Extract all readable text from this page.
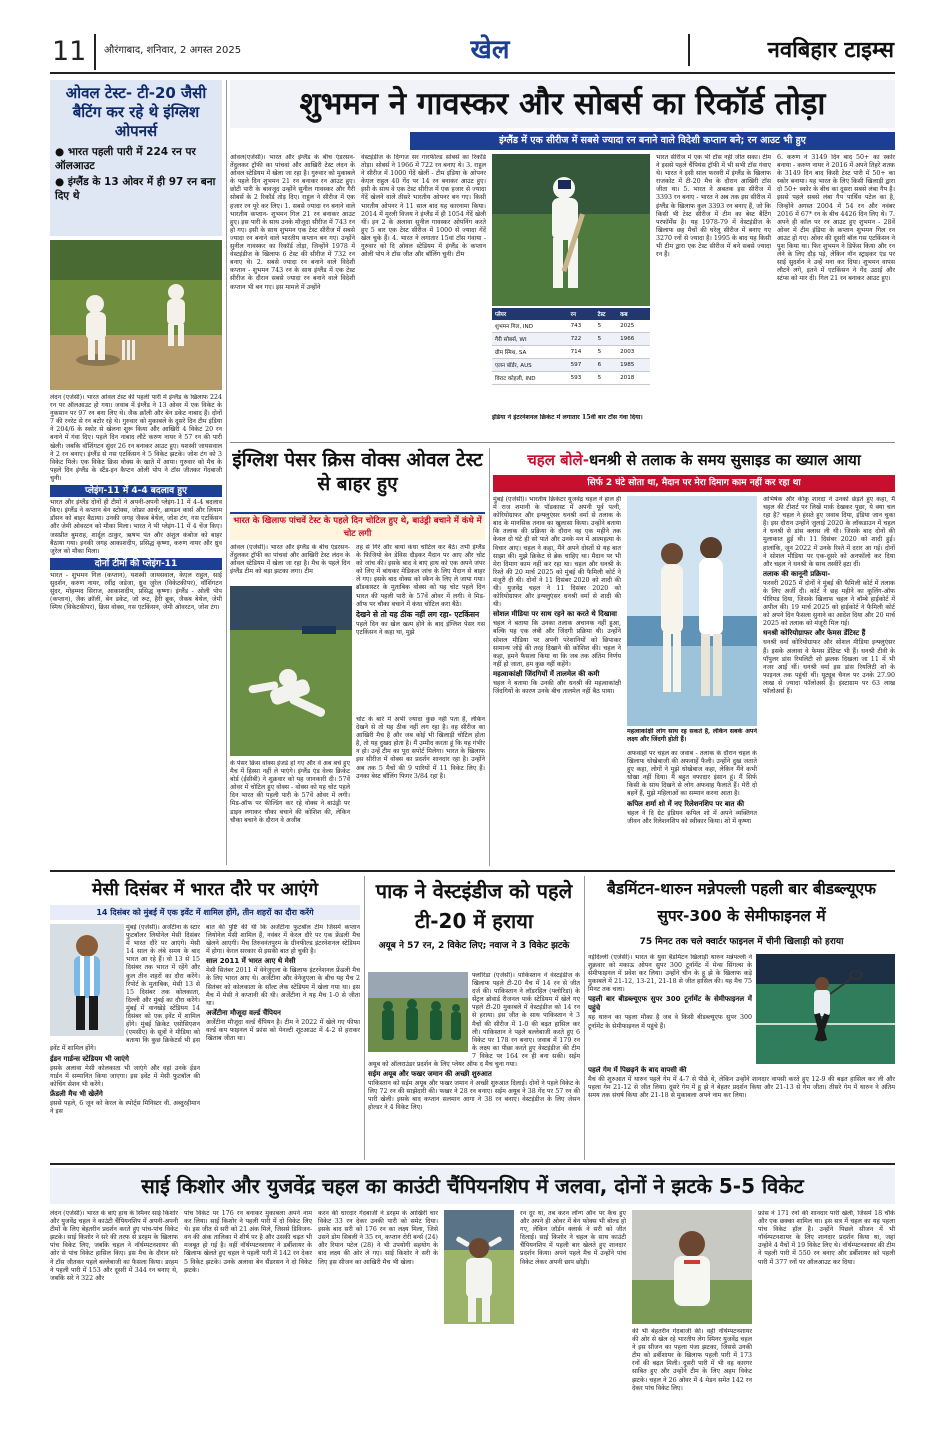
11	औरंगाबाद, शनिवार, 2 अगस्त 2025	खेल	नवबिहार टाइम्स
ओवल टेस्ट- टी-20 जैसी बैटिंग कर रहे थे इंग्लिश ओपनर्स
● भारत पहली पारी में 224 रन पर ऑलआउट
● इंग्लैंड के 13 ओवर में ही 97 रन बना दिए थे

लंदन (एजेंसी)। भारत ओवल टेस्ट की पहली पारी में इंग्लैंड के खिलाफ 224 रन पर ऑलआउट हो गया। जवाब में इंग्लैंड ने 13 ओवर में एक विकेट के नुकसान पर 97 रन बना लिए थे। जैक क्रॉली और बेन डकेट नाबाद हैं। दोनों 7 की रनरेट से रन बटोर रहे थे। गुरुवार को मुकाबले के दूसरे दिन टीम इंडिया ने 204/6 के स्कोर से खेलना शुरू किया और आखिरी 4 विकेट 20 रन बनाने में गंवा दिए। पहले दिन नाबाद लौटे करुण नायर ने 57 रन की पारी खेली। जबकि वॉशिंगटन सुंदर 26 रन बनाकर आउट हुए। यशस्वी जायसवाल ने 2 रन बनाए। इंग्लैंड से गस एटकिंसन ने 5 विकेट झटके। जोश टंग को 3 विकेट मिले। एक विकेट क्रिस वोक्स के खाते में आया। गुरुवार को मैच के पहले दिन इंग्लैंड के स्टैंड-इन कैप्टन ओली पोप ने टॉस जीतकर गेंदबाजी चुनी।

प्लेइंग-11 में 4-4 बदलाव हुए

भारत और इंग्लैंड दोनों ही टीमों ने अपनी-अपनी प्लेइंग-11 में 4-4 बदलाव किए। इंग्लैंड ने कप्तान बेन स्टोक्स, जोफ्रा आर्चर, ब्रायडन कार्स और लियाम डॉसन को बाहर बैठाया। उनकी जगह जैकब बेथेल, जोश टंग, गस एटकिंसन और जेमी ओवरटन को मौका मिला। भारत ने भी प्लेइंग-11 में 4 चेंज किए। जसप्रीत बुमराह, शार्दूल ठाकुर, ऋषभ पंत और अंशुल कंबोज को बाहर बैठाया गया। इनकी जगह आकाशदीप, प्रसिद्ध कृष्णा, करुण नायर और ध्रुव जुरेल को मौका मिला।

दोनों टीमों की प्लेइंग-11

भारत - शुभमन गिल (कप्तान), यशस्वी जायसवाल, केएल राहुल, साई सुदर्शन, करुण नायर, रवींद्र जडेजा, ध्रुव जुरेल (विकेटकीपर), वॉशिंगटन सुंदर, मोहम्मद सिराज, आकाशदीप, प्रसिद्ध कृष्णा। इंग्लैंड - ओली पोप (कप्तान), जैक क्रॉली, बेन डकेट, जो रूट, हैरी ब्रूक, जैकब बेथेल, जेमी स्मिथ (विकेटकीपर), क्रिस वोक्स, गस एटकिंसन, जेमी ओवरटन, जोश टंग।

शुभमन ने गावस्कर और सोबर्स का रिकॉर्ड तोड़ा
इंग्लैंड में एक सीरीज में सबसे ज्यादा रन बनाने वाले विदेशी कप्तान बने; रन आउट भी हुए
ओवल(एजेंसी)। भारत और इंग्लैंड के बीच एंडरसन-तेंदुलकर ट्रॉफी का पांचवां और आखिरी टेस्ट लंदन के ओवल स्टेडियम में खेला जा रहा है। गुरुवार को मुकाबले के पहले दिन शुभमन 21 रन बनाकर रन आउट हुए। छोटी पारी के बावजूद उन्होंने सुनील गावस्कर और गैरी सोबर्स के 2 रिकॉर्ड तोड़ दिए। राहुल ने सीरीज में एक हजार रन पूरे कर लिए। 1. सबसे ज्यादा रन बनाने वाले भारतीय कप्तान- शुभमन गिल 21 रन बनाकर आउट हुए। इस पारी के साथ उनके मौजूदा सीरीज में 743 रन हो गए। इसी के साथ शुभमन एक टेस्ट सीरीज में सबसे ज्यादा रन बनाने वाले भारतीय कप्तान बन गए। उन्होंने सुनील गावस्कर का रिकॉर्ड तोड़ा, जिन्होंने 1978 में वेस्टइंडीज के खिलाफ 6 टेस्ट की सीरीज में 732 रन बनाए थे। 2. सबसे ज्यादा रन बनाने वाले विदेशी कप्तान - शुभमन 743 रन के साथ इंग्लैंड में एक टेस्ट सीरीज के दौरान सबसे ज्यादा रन बनाने वाले विदेशी कप्तान भी बन गए। इस मामले में उन्होंने
वेस्टइंडीज के दिग्गज सर गारफील्ड सोबर्स का रिकॉर्ड तोड़ा। सोबर्स ने 1966 में 722 रन बनाए थे। 3. राहुल ने सीरीज में 1000 गेंदें खेलीं - टीम इंडिया के ओपनर केएल राहुल 40 गेंद पर 14 रन बनाकर आउट हुए। इसी के साथ वे एक टेस्ट सीरीज में एक हजार से ज्यादा गेंदें खेलने वाले तीसरे भारतीय ओपनर बन गए। किसी भारतीय ओपनर ने 11 साल बाद यह कारनामा किया। 2014 में मुरली विजय ने इंग्लैंड में ही 1054 गेंदें खेली थीं। इन 2 के अलावा सुनील गावस्कर ओपनिंग करते हुए 5 बार एक टेस्ट सीरीज में 1000 से ज्यादा गेंदें खेल चुके हैं। 4. भारत ने लगातार 15वां टॉस गंवाया - गुरुवार को दि ओवल स्टेडियम में इंग्लैंड के कप्तान ओली पोप ने टॉस जीत और बॉलिंग चुनी। टीम
प्लेयर	रन	टेस्ट	कब
शुभमन गिल, IND	743	5	2025
गैरी सोबर्स, WI	722	5	1966
ग्रीम स्मिथ, SA	714	5	2003
एलन बॉर्डर, AUS	597	6	1985
विराट कोहली, IND	593	5	2018
इंडिया ने इंटरनेशनल क्रिकेट में लगातार 15वीं बार टॉस गंवा दिया।
भारत सीरीज में एक भी टॉस नहीं जीत सका। टीम ने इससे पहले चैंपियंस ट्रॉफी में भी सभी टॉस गंवाए थे। भारत ने इसी साल फरवरी में इंग्लैंड के खिलाफ राजकोट में टी-20 मैच के दौरान आखिरी टॉस जीता था। 5. भारत ने अबतक इस सीरीज में 3393 रन बनाए - भारत ने अब तक इस सीरीज में इंग्लैंड के खिलाफ कुल 3393 रन बनाए हैं, जो कि किसी भी टेस्ट सीरीज में टीम का बेस्ट बैटिंग परफॉर्मेंस है। यह 1978-79 में वेस्टइंडीज के खिलाफ छह मैचों की घरेलू सीरीज में बनाए गए 3270 रनों से ज्यादा है। 1995 के बाद यह किसी भी टीम द्वारा एक टेस्ट सीरीज में बने सबसे ज्यादा रन हैं।
6. करुण ने 3149 दिन बाद 50+ का स्कोर बनाया - करुण नायर ने 2016 में अपने तिहरे शतक के 3149 दिन बाद किसी टेस्ट पारी में 50+ का स्कोर बनाया। यह भारत के लिए किसी खिलाड़ी द्वारा दो 50+ स्कोर के बीच का दूसरा सबसे लंबा गैप है। इससे पहले सबसे लंबा गैप पार्थिव पटेल का है, जिन्होंने अगस्त 2004 में 54 रन और नवंबर 2016 में 67* रन के बीच 4426 दिन लिए थे। 7. अपने ही कॉल पर रन आउट हुए शुभमन - 28वें ओवर में टीम इंडिया के कप्तान शुभमन गिल रन आउट हो गए। ओवर की दूसरी बॉल गस एटकिंसन ने पुश किया था। फिर शुभमन ने डिफेंस किया और रन लेने के लिए दौड़ पड़े, लेकिन नॉन स्ट्राइकर एंड पर साई सुदर्शन ने उन्हें मना कर दिया। शुभमन वापस लौटने लगे, इतने में एटकिंसन ने गेंद उठाई और स्टंप्स को मार दी। गिल 21 रन बनाकर आउट हुए।
इंग्लिश पेसर क्रिस वोक्स ओवल टेस्ट से बाहर हुए
भारत के खिलाफ पांचवें टेस्ट के पहले दिन चोटिल हुए थे, बाउंड्री बचाने में कंधे में चोट लगी
ओवल (एजेंसी)। भारत और इंग्लैंड के बीच एंडरसन-तेंदुलकर ट्रॉफी का पांचवां और आखिरी टेस्ट लंदन के ओवल स्टेडियम में खेला जा रहा है। मैच के पहले दिन इंग्लैंड टीम को बड़ा झटका लगा। टीम

तह से गिरे और बायां कंधा चोटिल कर बैठे। तभी इंग्लैंड के फिजियो बेन डेविस दौड़कर मैदान पर आए और चोट को जांच की। इसके बाद वे बाएं हाथ को एक अपने जंपर को लिए में बांधकर मेडिकल जांच के लिए मैदान से बाहर ले गए। इसके बाद वोक्स को स्कैन के लिए ले जाया गया। ब्रॉडकास्टर के मुताबिक वोक्स को यह चोट पहले दिन भारत की पहली पारी के 57वें ओवर में लगी। वे मिड-ऑफ पर चौका बचाने में कंधा चोटिल करा बैठे।

देखने से तो यह ठीक नहीं लग रहा- एटकिंसन

पहले दिन का खेल खत्म होने के बाद इंग्लिश पेसर गस एटकिंसन ने कहा था, मुझे

के पेसर क्रिस वोक्स इंजर्ड हो गए और वे अब बचे हुए मैच में हिस्सा नहीं ले पाएंगे। इंग्लैंड एंड वेल्स क्रिकेट बोर्ड (ईसीबी) ने शुक्रवार को यह जानकारी दी। 57वें ओवर में चोटिल हुए वोक्स - वोक्स को यह चोट पहले दिन भारत की पहली पारी के 57वें ओवर में लगी। मिड-ऑफ पर फील्डिंग कर रहे वोक्स ने बाउंड्री पर डाइव लगाकर चौका बचाने की कोशिश की, लेकिन चौका बचाने के दौरान वे अजीब
चोट के बारे में अभी ज्यादा कुछ नहीं पता है, लेकिन देखने से तो यह ठीक नहीं लग रहा है। वह सीरीज का आखिरी मैच है और जब कोई भी खिलाड़ी चोटिल होता है, तो यह दुखद होता है। मैं उम्मीद करता हूं कि यह गंभीर न हो। उन्हें टीम का पूरा सपोर्ट मिलेगा। भारत के खिलाफ इस सीरीज में वोक्स का प्रदर्शन शानदार रहा है। उन्होंने अब तक 5 मैचों की 9 पारियों में 11 विकेट लिए हैं। उनका बेस्ट बॉलिंग फिगर 3/84 रहा है।
चहल बोले-धनश्री से तलाक के समय सुसाइड का ख्याल आया
सिर्फ 2 घंटे सोता था, मैदान पर मेरा दिमाग काम नहीं कर रहा था

मुंबई (एजेंसी)। भारतीय क्रिकेटर युजवेंद्र चहल ने हाल ही में राज शमानी के पॉडकास्ट में अपनी पूर्व पत्नी, कोरियोग्राफर और इन्फ्लुएंसर धनश्री वर्मा से तलाक के बाद के मानसिक तनाव का खुलासा किया। उन्होंने बताया कि तलाक की प्रक्रिया के दौरान वह एक महीने तक केवल दो घंटे ही सो पाते और उनके मन में आत्महत्या के विचार आए। चहल ने कहा, मैंने अपने दोस्तों से यह बात साझा की। मुझे क्रिकेट से ब्रेक चाहिए था। मैदान पर भी मेरा दिमाग काम नहीं कर रहा था। चहल और धनश्री के रिश्ते की 20 मार्च 2025 को मुंबई की फैमिली कोर्ट ने मंजूरी दी थी। दोनों ने 11 दिसंबर 2020 को शादी की थी। युजवेंद्र चहल ने 11 दिसंबर 2020 को कोरियोग्राफर और इन्फ्लुएंसर धनश्री वर्मा से शादी की थी।

सोशल मीडिया पर साथ रहने का करते थे दिखावा

चहल ने बताया कि उनका तलाक अचानक नहीं हुआ, बल्कि यह एक लंबी और जिंदगी प्रक्रिया थी। उन्होंने सोशल मीडिया पर अपनी परेशानियों को छिपाकर सामान्य जोड़े की तरह दिखाने की कोशिश की। चहल ने कहा, हमने फैसला किया था कि जब तक अंतिम निर्णय नहीं हो जाता, हम कुछ नहीं कहेंगे।

महत्वाकांक्षी जिंदगियों में तालमेल की कमी

चहल ने बताया कि उनकी और धनश्री की महत्वाकांक्षी जिंदगियों के कारण उनके बीच तालमेल नहीं बैठ पाया।

महत्वाकांक्षी लोग साथ रह सकते हैं, लेकिन सबके अपने लक्ष्य और जिंदगी होती हैं।

अफवाहों पर चहल का जवाब - तलाक के दौरान चहल के खिलाफ धोखेबाजी की अफवाहें फैली। उन्होंने दुख जताते हुए कहा, लोगों ने मुझे धोखेबाज कहा, लेकिन मैंने कभी धोखा नहीं दिया। मैं बहुत वफादार इंसान हूं। मैं सिर्फ किसी के साथ दिखने से लोग अफवाह फैलाते हैं। मेरी दो बहनें हैं, मुझे महिलाओं का सम्मान करना आता है।

कपिल शर्मा शो में नए रिलेशनशिप पर बात की

चहल ने दि ग्रेट इंडियन कपिल शो में अपने व्यक्तिगत जीवन और रिलेशनशिप को स्वीकार किया। शो में कृष्णा

अभिषेक और कीकू शारदा ने उनको छेड़ते हुए कहा, मैं चहल की टीशर्ट पर लिखें मार्क देखकर पूछा, ये क्या चल रहा है? चहल ने हंसते हुए जवाब दिया, इंडिया जान चुका है। इस दौरान उन्होंने जुलाई 2020 के लॉकडाउन में चहल ने धनश्री से डांस क्लास ली थी। जिसके बाद दोनों की मुलाकात हुई थी। 11 दिसंबर 2020 को शादी हुई। हालांकि, जून 2022 में उनके रिश्ते में दरार आ गई। दोनों ने सोशल मीडिया पर एक-दूसरे को अनफॉलो कर दिया और चहल ने धनश्री के साथ तस्वीरें हटा दीं।

तलाक की कानूनी प्रक्रिया-

फरवरी 2025 में दोनों ने मुंबई की फैमिली कोर्ट में तलाक के लिए अर्जी दी। कोर्ट ने छह महीने का कूलिंग-ऑफ पीरियड दिया, जिसके खिलाफ चहल ने बॉम्बे हाईकोर्ट में अपील की। 19 मार्च 2025 को हाईकोर्ट ने फैमिली कोर्ट को अपने दिन फैसला सुनाने का आदेश दिया और 20 मार्च 2025 को तलाक को मंजूरी मिल गई।

धनश्री कोरियोग्राफर और फेमस डेंटिस्ट हैं

धनश्री वर्मा कोरियोग्राफर और सोशल मीडिया इन्फ्लुएंसर हैं। इसके अलावा वे फेमस डेंटिस्ट भी हैं। धनश्री टीवी के पॉपुलर डांस रियलिटी शो झलक दिखला जा 11 में भी नजर आईं थीं। धनश्री वर्मा इस डांस रियलिटी शो के फाइनल तक पहुंची थीं। यूट्यूब चैनल पर उनके 27.90 लाख से ज्यादा फॉलोअर्स हैं। इंस्टाग्राम पर 63 लाख फॉलोअर्स हैं।

मेसी दिसंबर में भारत दौरे पर आएंगे
14 दिसंबर को मुंबई में एक इवेंट में शामिल होंगे, तीन शहरों का दौरा करेंगे

मुंबई (एजेंसी)। अर्जेंटीना के स्टार फुटबॉलर लियोनेल मेसी दिसंबर में भारत दौरे पर आएंगे। मेसी 14 साल के लंबे समय के बाद भारत आ रहे हैं। वो 13 से 15 दिसंबर तक भारत में रहेंगे और कुल तीन शहरों का दौरा करेंगे। रिपोर्ट के मुताबिक, मेसी 13 से 15 दिसंबर तक कोलकाता, दिल्ली और मुंबई का दौरा करेंगे। मुंबई में वानखेड़े स्टेडियम 14 दिसंबर को एक इवेंट में शामिल होंगे। मुंबई क्रिकेट एसोसिएशन (एमसीए) के सूत्रों ने मीडिया को बताया कि कुछ क्रिकेटर्स भी इस इवेंट में शामिल होंगे।

ईडन गार्डन्स स्टेडियम भी जाएंगे

इसके अलावा मेसी कोलकाता भी जाएंगे और वहां उनके ईडन गार्डन में सम्मानित किया जाएगा। इस इवेंट में मेसी फुटबॉल की कोचिंग सेशन भी करेंगे।

फ्रेंडली मैच भी खेलेंगे

इससे पहले, 6 जून को केरल के स्पोर्ट्स मिनिस्टर वी. अब्दुरहीमान ने इस

बात की पुष्टि की थी कि अर्जेंटीना फुटबॉल टीम जिसमें कप्तान लियोनेल मेसी शामिल हैं, नवंबर में केरल दौरे पर एक फ्रेंडली मैच खेलने आएगी। मैच तिरुवनंतपुरम के ग्रीनफील्ड इंटरनेशनल स्टेडियम में होगा। केरल सरकार से इसकी बात हो चुकी है।

साल 2011 में भारत आए थे मेसी

मेसी सितंबर 2011 में वेनेजुएला के खिलाफ इंटरनेशनल फ्रेंडली मैच के लिए भारत आए थे। अर्जेंटीना और वेनेजुएला के बीच यह मैच 2 सितंबर को कोलकाता के सॉल्ट लेक स्टेडियम में खेला गया था। इस मैच में मेसी ने कप्तानी की थी। अर्जेंटीना ने यह मैच 1-0 से जीता था।

अर्जेंटीना मौजूदा वर्ल्ड चैंपियन

अर्जेंटीना मौजूदा वर्ल्ड चैंपियन है। टीम ने 2022 में खेले गए फीफा वर्ल्ड कप फाइनल में फ्रांस को पेनल्टी शूटआउट में 4-2 से हराकर खिताब जीता था।

पाक ने वेस्टइंडीज को पहले टी-20 में हराया
अयूब ने 57 रन, 2 विकेट लिए; नवाज ने 3 विकेट झटके

फ्लोरिडा (एजेंसी)। पाकिस्तान ने वेस्टइंडीज के खिलाफ पहले टी-20 मैच में 14 रन से जीत दर्ज की। पाकिस्तान ने लॉडरहिल (फ्लोरिडा) के सेंट्रल ब्रोवार्ड रीजनल पार्क स्टेडियम में खेले गए पहले टी-20 मुकाबले में वेस्टइंडीज को 14 रन से हराया। इस जीत के साथ पाकिस्तान ने 3 मैचों की सीरीज में 1-0 की बढ़त हासिल कर ली। पाकिस्तान ने पहले बल्लेबाजी करते हुए 6 विकेट पर 178 रन बनाए। जवाब में 179 रन के लक्ष्य का पीछा करते हुए वेस्टइंडीज की टीम 7 विकेट पर 164 रन ही बना सकी। सईम अयूब को ऑलराउंडर प्रदर्शन के लिए प्लेयर ऑफ द मैच चुना गया।

सईम अयूब और फखर जमान की अच्छी शुरुआत

पाकिस्तान को सईम अयूब और फखर जमान ने अच्छी शुरुआत दिलाई। दोनों ने पहले विकेट के लिए 72 रन की साझेदारी की। फखर ने 28 रन बनाए। सईम अयूब ने 38 गेंद पर 57 रन की पारी खेली। इसके बाद कप्तान सलमान आगा ने 38 रन बनाए। वेस्टइंडीज के लिए जेसन होल्डर ने 4 विकेट लिए।

बैडमिंटन-थारुन मन्नेपल्ली पहली बार बीडब्ल्यूएफ सुपर-300 के सेमीफाइनल में
75 मिनट तक चले क्वार्टर फाइनल में चीनी खिलाड़ी को हराया

नईदिल्ली (एजेंसी)। भारत के युवा बैडमिंटन खिलाड़ी थारुन मन्नेपल्ली ने शुक्रवार को मकाऊ ओपन सुपर 300 टूर्नामेंट में मेन्स सिंगल्स के सेमीफाइनल में प्रवेश कर लिया। उन्होंने चीन के हू झे के खिलाफ कड़े मुकाबले में 21-12, 13-21, 21-18 से जीत हासिल की। यह मैच 75 मिनट तक चला।

पहली बार बीडब्ल्यूएफ सुपर 300 टूर्नामेंट के सेमीफाइनल में पहुंचे

यह थारुन का पहला मौका है जब वे किसी बीडब्ल्यूएफ सुपर 300 टूर्नामेंट के सेमीफाइनल में पहुंचे हैं।

पहले गेम में पिछड़ने के बाद वापसी की

मैच की शुरुआत में थारुन पहले गेम में 4-7 से पीछे थे, लेकिन उन्होंने शानदार वापसी करते हुए 12-9 की बढ़त हासिल कर ली और पहला गेम 21-12 से जीत लिया। दूसरे गेम में हू झे ने बेहतर प्रदर्शन किया और 21-13 से गेम जीता। तीसरे गेम में थारुन ने अंतिम समय तक संघर्ष किया और 21-18 से मुकाबला अपने नाम कर लिया।

साई किशोर और युजवेंद्र चहल का काउंटी चैंपियनशिप में जलवा, दोनों ने झटके 5-5 विकेट
लंदन (एजेंसी)। भारत के बाएं हाथ के स्पिनर साई किशोर और युजवेंद्र चहल ने काउंटी चैंपियनशिप में अपनी-अपनी टीमों के लिए बेहतरीन प्रदर्शन करते हुए पांच-पांच विकेट झटके। साई किशोर ने सरे की तरफ से डरहम के खिलाफ पांच विकेट लिए, जबकि चहल ने नॉर्थम्पटनशायर की ओर से पांच विकेट हासिल किए। इस मैच के दौरान सरे ने टॉस जीतकर पहले बल्लेबाजी का फैसला किया। डरहम ने पहली पारी में 153 और दूसरी में 344 रन बनाए थे, जबकि सरे ने 322 और
पांच विकेट पर 176 रन बनाकर मुकाबला अपने नाम कर लिया। साई किशोर ने पहली पारी में दो विकेट लिए थे। इस जीत से सरी को 21 अंक मिले, जिससे डिविजन-वन की अंक तालिका में शीर्ष पर है और उसकी चढ़त भी मजबूत हो गई है। वहीं नॉर्थम्पटनशायर ने डर्बीशायर के खिलाफ खेलते हुए चहल ने पहली पारी में 142 रन देकर 5 विकेट झटके। उनके अलावा बेन सैंडरसन ने दो विकेट झटके।
करन की धारदार गेंदबाजी ने डरहम के आखिरी चार विकेट 33 रन देकर उनकी पारी को समेट दिया। इसके बाद सरी को 176 रन का लक्ष्य मिला, जिसे उसने डोम सिबली ने 35 रन, कप्तान रोरी बर्न्स (24) और रियान पटेल (28) ने भी उपयोगी सहयोग के बाद लक्ष्य की ओर ले गए। साई किशोर ने सरी के लिए इस सीजन का आखिरी मैच भी खेला।
रन दूर था, तब करन लॉन्ग ऑन पर कैच हुए और अपने ही ओवर में बेन फोक्स भी बोल्ड हो गए, लेकिन जॉर्डन क्लार्क ने सरी को जीत दिलाई। साई किशोर ने चहल के साथ काउंटी चैंपियनशिप में पहली बार खेलते हुए शानदार प्रदर्शन किया। अपने पहले मैच में उन्होंने पांच विकेट लेकर अपनी छाप छोड़ी।
की भी बेहतरीन गेंदबाजी की। वहीं नॉर्थम्पटनशायर की ओर से खेल रहे भारतीय लेग स्पिनर युजवेंद्र चहल ने इस सीजन का पहला पंजा झटका, जिससे उनकी टीम को डर्बीशायर के खिलाफ पहली पारी में 173 रनों की बढ़त मिली। दूसरी पारी में भी वह कारगर साबित हुए और उन्होंने टीम के लिए अहम विकेट झटके। चहल ने 26 ओवर में 4 मेडन समेत 142 रन देकर पांच विकेट लिए।
फ्रांस ने 171 रनों की शानदार पारी खेली, जिसमें 18 चौके और एक छक्का शामिल था। इस सत्र में चहल का यह पहला पांच विकेट हॉल है। उन्होंने पिछले सीजन में भी नॉर्थम्पटनशायर के लिए शानदार प्रदर्शन किया था, जहां उन्होंने 4 मैचों में 19 विकेट लिए थे। नॉर्थम्पटनशायर की टीम ने पहली पारी में 550 रन बनाए और डर्बीशायर को पहली पारी में 377 रनों पर ऑलआउट कर दिया।
